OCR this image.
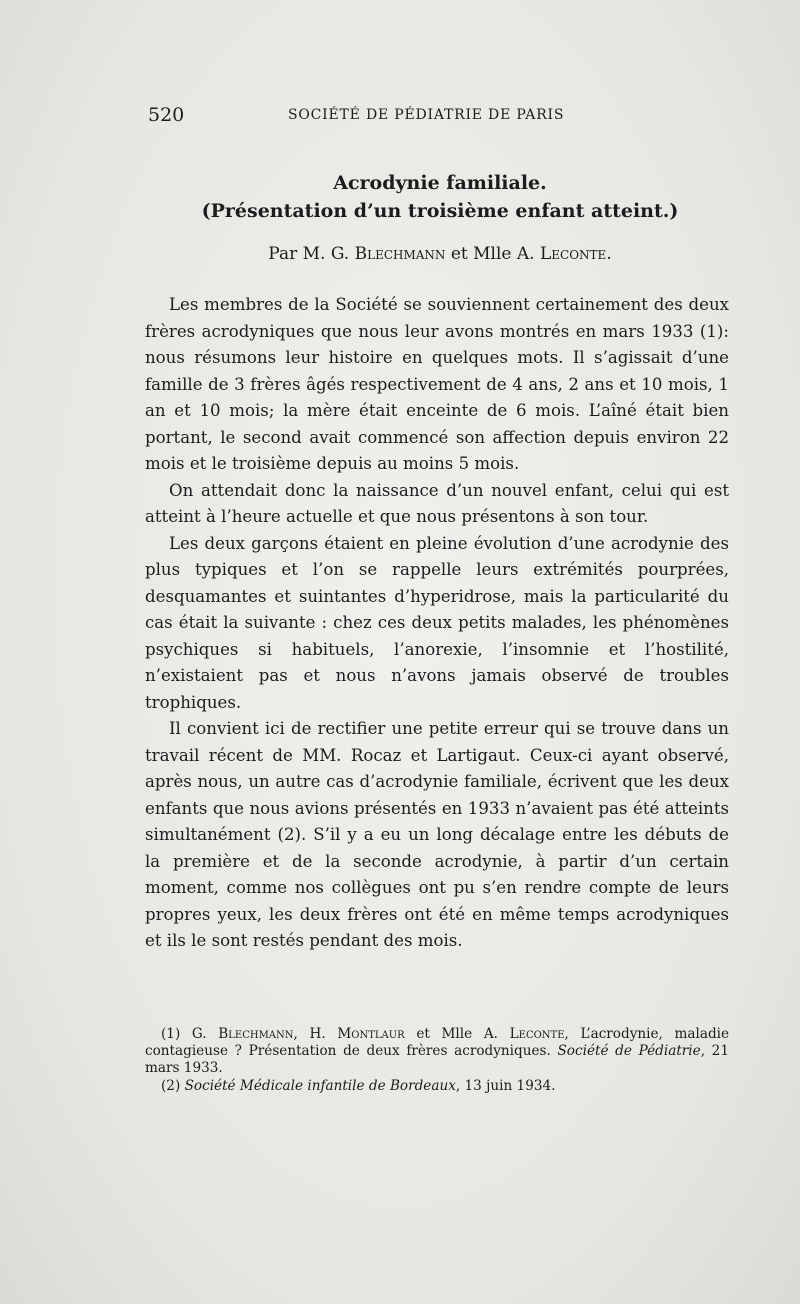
520	SOCIÉTÉ DE PÉDIATRIE DE PARIS
Acrodynie familiale.
(Présentation d’un troisième enfant atteint.)
Par M. G. Blechmann et Mlle A. Leconte.

Les membres de la Société se souviennent certainement des deux frères acrodyniques que nous leur avons montrés en mars 1933 (1): nous résumons leur histoire en quelques mots. Il s’agissait d’une famille de 3 frères âgés respectivement de 4 ans, 2 ans et 10 mois, 1 an et 10 mois; la mère était enceinte de 6 mois. L’aîné était bien portant, le second avait commencé son affection depuis environ 22 mois et le troisième depuis au moins 5 mois.

On attendait donc la naissance d’un nouvel enfant, celui qui est atteint à l’heure actuelle et que nous présentons à son tour.

Les deux garçons étaient en pleine évolution d’une acrodynie des plus typiques et l’on se rappelle leurs extrémités pourprées, desquamantes et suintantes d’hyperidrose, mais la particularité du cas était la suivante : chez ces deux petits malades, les phénomènes psychiques si habituels, l’anorexie, l’insomnie et l’hostilité, n’existaient pas et nous n’avons jamais observé de troubles trophiques.

Il convient ici de rectifier une petite erreur qui se trouve dans un travail récent de MM. Rocaz et Lartigaut. Ceux-ci ayant observé, après nous, un autre cas d’acrodynie familiale, écrivent que les deux enfants que nous avions présentés en 1933 n’avaient pas été atteints simultanément (2). S’il y a eu un long décalage entre les débuts de la première et de la seconde acrodynie, à partir d’un certain moment, comme nos collègues ont pu s’en rendre compte de leurs propres yeux, les deux frères ont été en même temps acrodyniques et ils le sont restés pendant des mois.

(1) G. Blechmann, H. Montlaur et Mlle A. Leconte, L’acrodynie, maladie contagieuse ? Présentation de deux frères acrodyniques. Société de Pédiatrie, 21 mars 1933.

(2) Société Médicale infantile de Bordeaux, 13 juin 1934.
